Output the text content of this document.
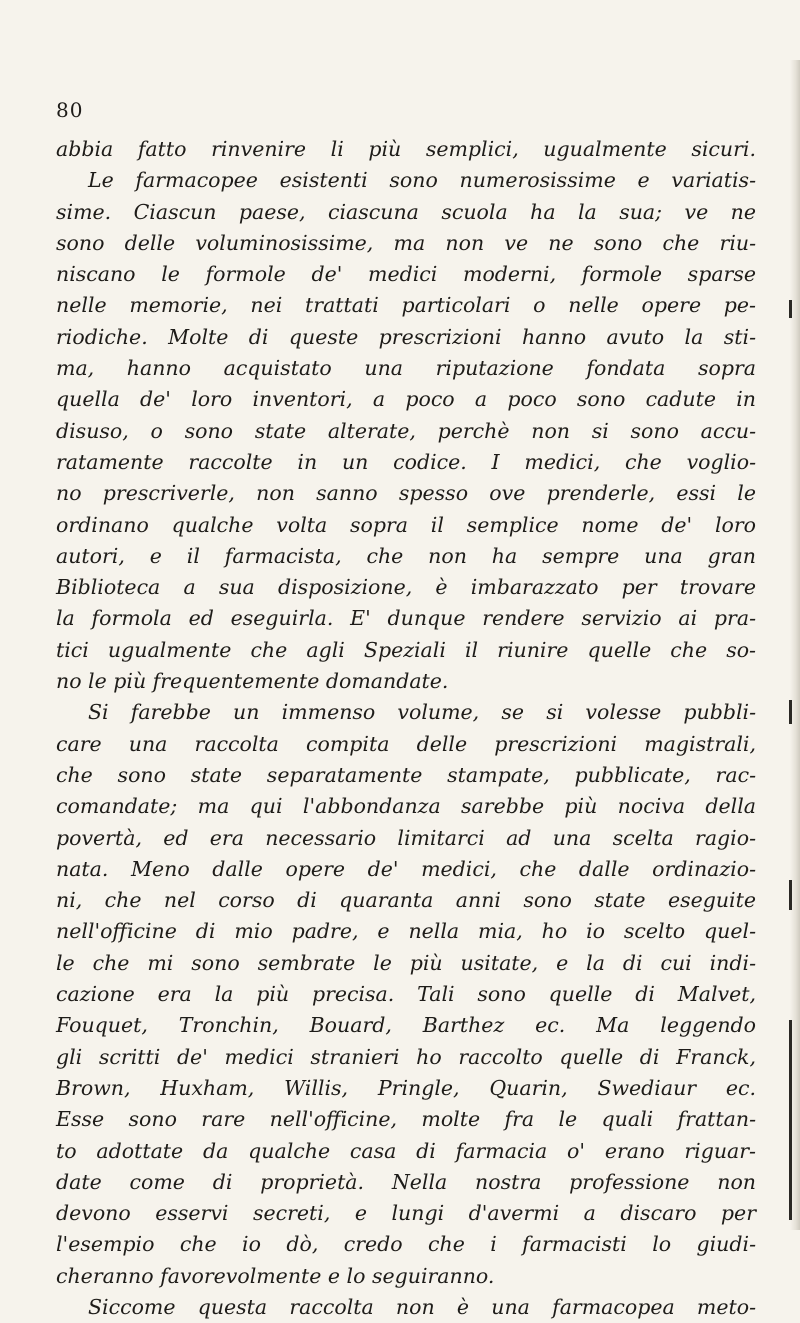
80
abbia fatto rinvenire li più semplici, ugualmente sicuri.
Le farmacopee esistenti sono numerosissime e variatis-
sime. Ciascun paese, ciascuna scuola ha la sua; ve ne
sono delle voluminosissime, ma non ve ne sono che riu-
niscano le formole de' medici moderni, formole sparse
nelle memorie, nei trattati particolari o nelle opere pe-
riodiche. Molte di queste prescrizioni hanno avuto la sti-
ma, hanno acquistato una riputazione fondata sopra
quella de' loro inventori, a poco a poco sono cadute in
disuso, o sono state alterate, perchè non si sono accu-
ratamente raccolte in un codice. I medici, che voglio-
no prescriverle, non sanno spesso ove prenderle, essi le
ordinano qualche volta sopra il semplice nome de' loro
autori, e il farmacista, che non ha sempre una gran
Biblioteca a sua disposizione, è imbarazzato per trovare
la formola ed eseguirla. E' dunque rendere servizio ai pra-
tici ugualmente che agli Speziali il riunire quelle che so-
no le più frequentemente domandate.
Si farebbe un immenso volume, se si volesse pubbli-
care una raccolta compita delle prescrizioni magistrali,
che sono state separatamente stampate, pubblicate, rac-
comandate; ma qui l'abbondanza sarebbe più nociva della
povertà, ed era necessario limitarci ad una scelta ragio-
nata. Meno dalle opere de' medici, che dalle ordinazio-
ni, che nel corso di quaranta anni sono state eseguite
nell'officine di mio padre, e nella mia, ho io scelto quel-
le che mi sono sembrate le più usitate, e la di cui indi-
cazione era la più precisa. Tali sono quelle di Malvet,
Fouquet, Tronchin, Bouard, Barthez ec. Ma leggendo
gli scritti de' medici stranieri ho raccolto quelle di Franck,
Brown, Huxham, Willis, Pringle, Quarin, Swediaur ec.
Esse sono rare nell'officine, molte fra le quali frattan-
to adottate da qualche casa di farmacia o' erano riguar-
date come di proprietà. Nella nostra professione non
devono esservi secreti, e lungi d'avermi a discaro per
l'esempio che io dò, credo che i farmacisti lo giudi-
cheranno favorevolmente e lo seguiranno.
Siccome questa raccolta non è una farmacopea meto-
